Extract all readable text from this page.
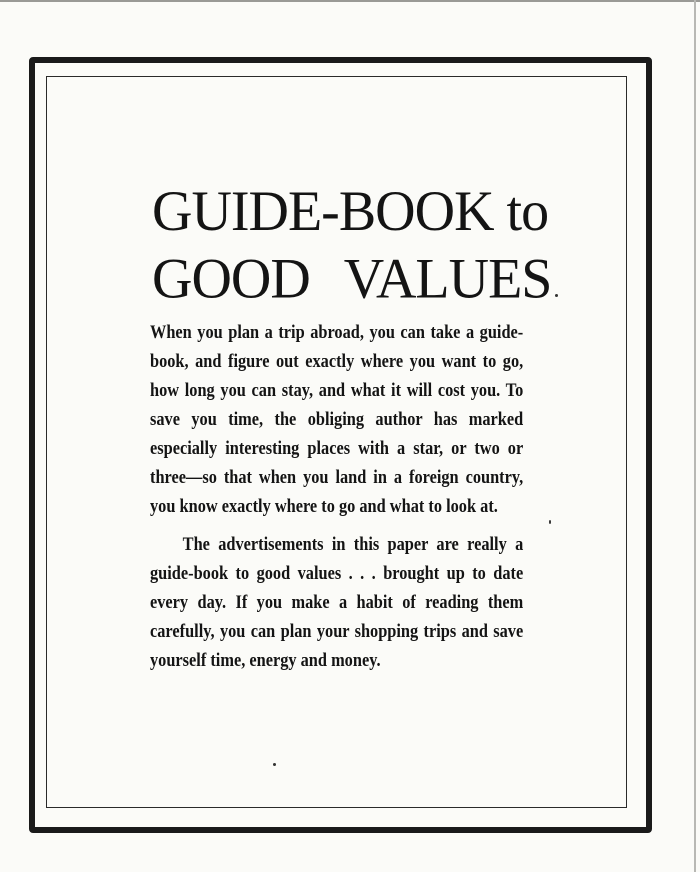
GUIDE-BOOK to
GOOD VALUES

When you plan a trip abroad, you can take a guide-book, and figure out exactly where you want to go, how long you can stay, and what it will cost you. To save you time, the obliging author has marked especially interesting places with a star, or two or three—so that when you land in a foreign country, you know exactly where to go and what to look at.

The advertisements in this paper are really a guide-book to good values . . . brought up to date every day. If you make a habit of reading them carefully, you can plan your shopping trips and save yourself time, energy and money.
